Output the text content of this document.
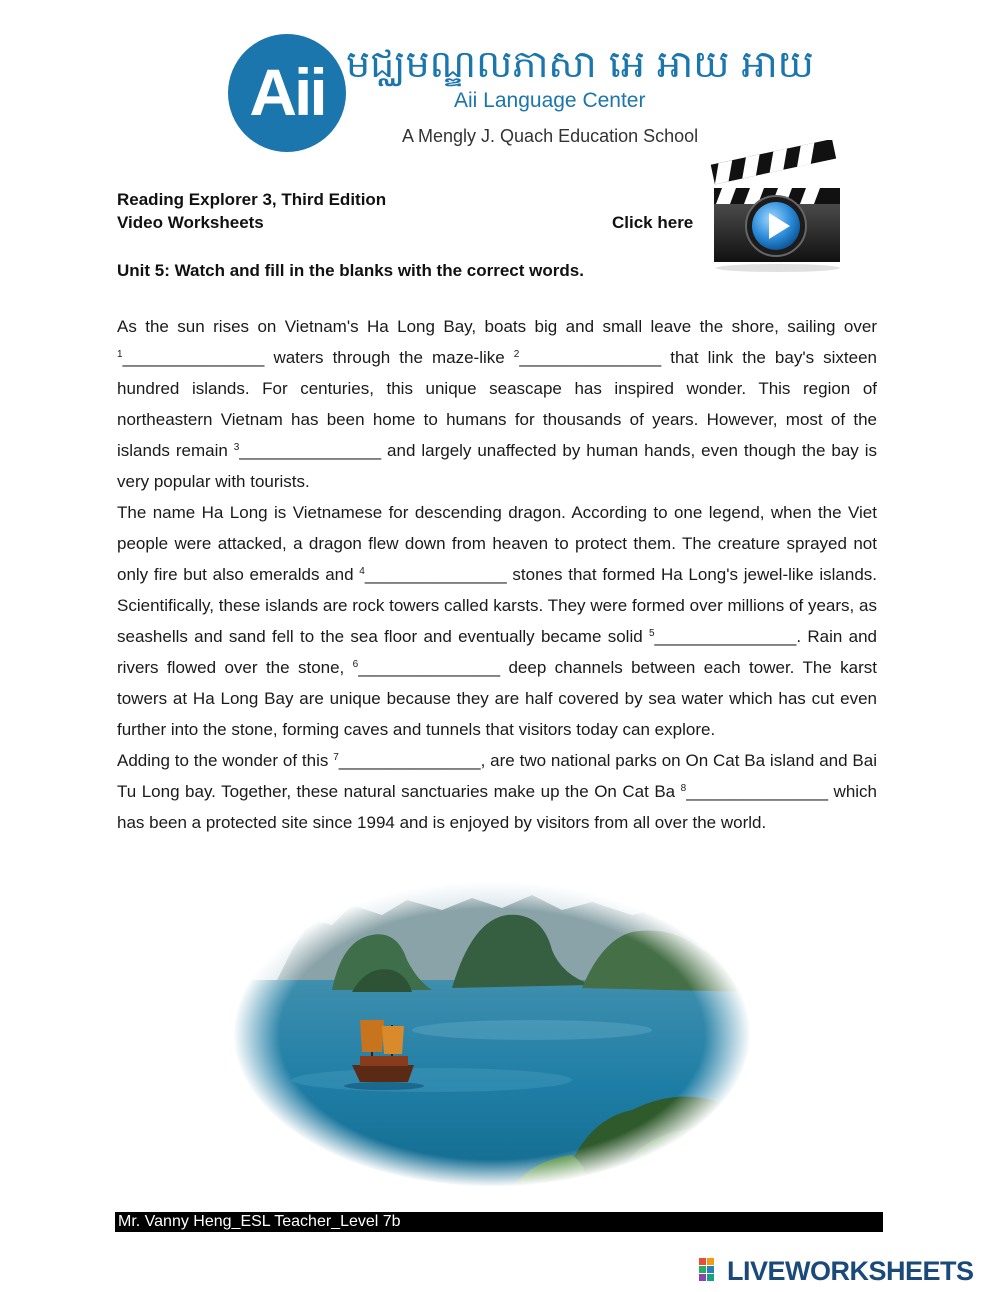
Aii មជ្ឈមណ្ឌលភាសា អេ អាយ អាយ
Aii Language Center
A Mengly J. Quach Education School
Reading Explorer 3, Third Edition
Video Worksheets	Click here
Unit 5: Watch and fill in the blanks with the correct words.

As the sun rises on Vietnam's Ha Long Bay, boats big and small leave the shore, sailing over $^1$_______________ waters through the maze-like $^2$_______________ that link the bay's sixteen hundred islands. For centuries, this unique seascape has inspired wonder. This region of northeastern Vietnam has been home to humans for thousands of years. However, most of the islands remain $^3$_______________ and largely unaffected by human hands, even though the bay is very popular with tourists.

The name Ha Long is Vietnamese for descending dragon. According to one legend, when the Viet people were attacked, a dragon flew down from heaven to protect them. The creature sprayed not only fire but also emeralds and $^4$_______________ stones that formed Ha Long's jewel-like islands. Scientifically, these islands are rock towers called karsts. They were formed over millions of years, as seashells and sand fell to the sea floor and eventually became solid $^5$_______________. Rain and rivers flowed over the stone, $^6$_______________ deep channels between each tower. The karst towers at Ha Long Bay are unique because they are half covered by sea water which has cut even further into the stone, forming caves and tunnels that visitors today can explore.

Adding to the wonder of this $^7$_______________, are two national parks on On Cat Ba island and Bai Tu Long bay. Together, these natural sanctuaries make up the On Cat Ba $^8$_______________ which has been a protected site since 1994 and is enjoyed by visitors from all over the world.

Mr. Vanny Heng_ESL Teacher_Level 7b
LIVEWORKSHEETS
